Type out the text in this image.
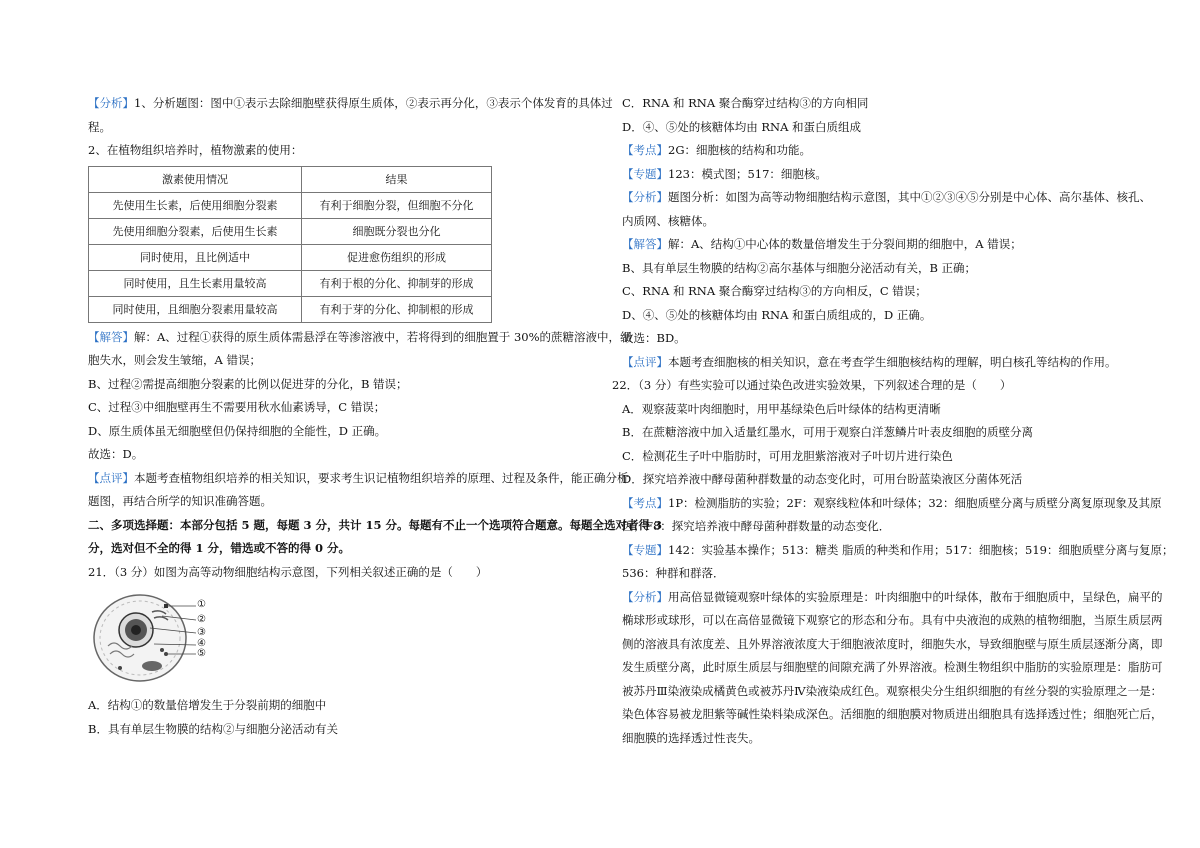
【分析】1、分析题图：图中①表示去除细胞壁获得原生质体，②表示再分化，③表示个体发育的具体过

程。

2、在植物组织培养时，植物激素的使用：

激素使用情况	结果
先使用生长素，后使用细胞分裂素	有利于细胞分裂，但细胞不分化
先使用细胞分裂素，后使用生长素	细胞既分裂也分化
同时使用，且比例适中	促进愈伤组织的形成
同时使用，且生长素用量较高	有利于根的分化、抑制芽的形成
同时使用，且细胞分裂素用量较高	有利于芽的分化、抑制根的形成

【解答】解：A、过程①获得的原生质体需悬浮在等渗溶液中，若将得到的细胞置于 30%的蔗糖溶液中，细

胞失水，则会发生皱缩，A 错误；

B、过程②需提高细胞分裂素的比例以促进芽的分化，B 错误；

C、过程③中细胞壁再生不需要用秋水仙素诱导，C 错误；

D、原生质体虽无细胞壁但仍保持细胞的全能性，D 正确。

故选：D。

【点评】本题考查植物组织培养的相关知识，要求考生识记植物组织培养的原理、过程及条件，能正确分析

题图，再结合所学的知识准确答题。

二、多项选择题：本部分包括 5 题，每题 3 分，共计 15 分。每题有不止一个选项符合题意。每题全选对者得 3

分，选对但不全的得 1 分，错选或不答的得 0 分。

21．（3 分）如图为高等动物细胞结构示意图，下列相关叙述正确的是（　　）

①
②
③
④
⑤

A．结构①的数量倍增发生于分裂前期的细胞中

B．具有单层生物膜的结构②与细胞分泌活动有关

C．RNA 和 RNA 聚合酶穿过结构③的方向相同

D．④、⑤处的核糖体均由 RNA 和蛋白质组成

【考点】2G：细胞核的结构和功能。

【专题】123：模式图；517：细胞核。

【分析】题图分析：如图为高等动物细胞结构示意图，其中①②③④⑤分别是中心体、高尔基体、核孔、

内质网、核糖体。

【解答】解：A、结构①中心体的数量倍增发生于分裂间期的细胞中，A 错误；

B、具有单层生物膜的结构②高尔基体与细胞分泌活动有关，B 正确；

C、RNA 和 RNA 聚合酶穿过结构③的方向相反，C 错误；

D、④、⑤处的核糖体均由 RNA 和蛋白质组成的，D 正确。

故选：BD。

【点评】本题考查细胞核的相关知识，意在考查学生细胞核结构的理解，明白核孔等结构的作用。

22．（3 分）有些实验可以通过染色改进实验效果，下列叙述合理的是（　　）

A．观察菠菜叶肉细胞时，用甲基绿染色后叶绿体的结构更清晰

B．在蔗糖溶液中加入适量红墨水，可用于观察白洋葱鳞片叶表皮细胞的质壁分离

C．检测花生子叶中脂肪时，可用龙胆紫溶液对子叶切片进行染色

D．探究培养液中酵母菌种群数量的动态变化时，可用台盼蓝染液区分菌体死活

【考点】1P：检测脂肪的实验；2F：观察线粒体和叶绿体；32：细胞质壁分离与质壁分离复原现象及其原

因；F8：探究培养液中酵母菌种群数量的动态变化．

【专题】142：实验基本操作；513：糖类 脂质的种类和作用；517：细胞核；519：细胞质壁分离与复原；

536：种群和群落．

【分析】用高倍显微镜观察叶绿体的实验原理是：叶肉细胞中的叶绿体，散布于细胞质中，呈绿色，扁平的

椭球形或球形，可以在高倍显微镜下观察它的形态和分布。具有中央液泡的成熟的植物细胞，当原生质层两

侧的溶液具有浓度差、且外界溶液浓度大于细胞液浓度时，细胞失水，导致细胞壁与原生质层逐渐分离，即

发生质壁分离，此时原生质层与细胞壁的间隙充满了外界溶液。检测生物组织中脂肪的实验原理是：脂肪可

被苏丹Ⅲ染液染成橘黄色或被苏丹Ⅳ染液染成红色。观察根尖分生组织细胞的有丝分裂的实验原理之一是：

染色体容易被龙胆紫等碱性染料染成深色。活细胞的细胞膜对物质进出细胞具有选择透过性；细胞死亡后，

细胞膜的选择透过性丧失。
